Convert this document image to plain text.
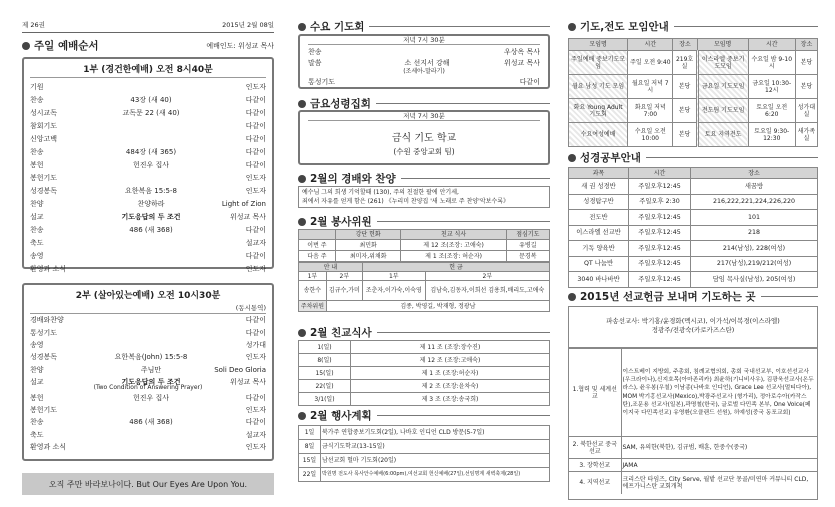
제 26권	2015년 2월 08일
주일 예배순서	예배인도: 위성교 목사
1부 (경건한예배) 오전 8시40분
기원	인도자
찬송	43장 (새 40)	다같이
성시교독	교독문 22 (새 40)	다같이
참회기도	다같이
신앙고백	다같이
찬송	484장 (새 365)	다같이
봉헌	헌진우 집사	다같이
봉헌기도	인도자
성경봉독	요한복음 15:5-8	인도자
찬양	찬양하라	Light of Zion
설교	기도응답의 두 조건	위성교 목사
찬송	486 (새 368)	다같이
축도	설교자
송영	다같이
환영과 소식	인도자
2부 (살아있는예배) 오전 10시30분
(동시통역)
경배와찬양	다같이
통성기도	다같이
송영	성가대
성경봉독	요한복음(John) 15:5-8	인도자
찬양	주님만	Soli Deo Gloria
설교	기도응답의 두 조건	위성교 목사
(Two Condition of Answering Prayer)
봉헌	헌진우 집사	다같이
봉헌기도	인도자
찬송	486 (새 368)	다같이
축도	설교자
환영과 소식	인도자
오직 주만 바라보나이다. But Our Eyes Are Upon You.
수요 기도회
저녁 7시 30분
찬송	우상옥 목사
말씀	소 선지서 강해	위성교 목사
(조세아-말라기)
통성기도	다같이
금요성령집회
저녁 7시 30분
금식 기도 학교
(수원 중앙교회 팀)
2월의 경배와 찬양
예수님 그의 희생 기억할때 (130), 주의 친절한 팔에 안기세,
죄에서 자유를 얻게 함은 (261) 《누리미 찬양집 '새 노래로 주 찬양'악보수록》
2월 봉사위원
	강단 헌화	친교 식사	점심기도
이번 주	최민화	제 12 조(조장: 고애숙)	유병길
다음 주	최미자,위채화	제 1 조(조장: 허순자)	문경복
안 내		헌 금	
1부	2부	1부	2부
송한수	김규수,가미	조춘자,이가숙,이숙영	김남숙,김동자,이희선 김용희,배리도,고애숙
주차위원	김종, 박영길, 박재형, 정광남		
2월 친교식사
1(일)	제 11 조 (조장:장수진)
8(일)	제 12 조 (조장:고애숙)
15(일)	제 1 조 (조장:허순자)
22(일)	제 2 조 (조장:윤차숙)
3/1(일)	제 3 조 (조장:송국희)
2월 행사계획
1일	북가주 연합중보기도회(2일), 나바호 인디언 CLD 방문(5-7일)
8일	금식기도학교(13-15일)
15일	남선교회 헐마 기도회(20일)
22일	박원명 전도사 목사안수예배(6:00pm),여선교회 헌신예배(27일),선임명계 새벽축제(28일)
기도,전도 모임안내
모임명	시간	장소	모임명	시간	장소
주일예배 중보기도모임	주일 오전 9:40	219호실	이스라엘 중보기도모임	수요일 밤 9-10시	본당
월요 남성 기도 모임	월요일 저녁 7시	본당	금요일 기도모임	금요일 10:30-12시	본당
화요 Young Adult 기도회	화요일 저녁7:00	본당	전도팀 기도모임	토요일 오전 6:20	성가대실
수요여성예배	수요일 오전 10:00	본당	토요 지역전도	토요일 9:30-12:30	새가족실
성경공부안내
과목	시간	장소
새 권 성경반	주일오후12:45	새꿈방
성경탐구반	주일오후 2:30	216,222,221,224,226,220
전도반	주일오후12:45	101
이스라엘 선교반	주일오후12:45	218
기독 양육반	주일오후12:45	214(남성), 228(여성)
QT 나눔반	주일오후12:45	217(남성),219/212(여성)
3040 바나바반	주일오후12:45	담임 목사실(남성), 205(여성)
2015년 선교헌금 보내며 기도하는 곳
파송선교사: 박기홍/윤경화(멕시코), 이가석/이복경(이스라엘)
정광주/전광숙(카로카즈스탄)
1.협력 및 세계선교	이스트베이 지방회, 주총회, 침례교협의회, 총회 국내선교부, 이호선선교사(우크라이나),신지호목(아마존리카) 최윤하(기니비사우), 김광욱선교사(온두라스), 윤우봉(우칠) 이남종(나바호 인디언), Grace Lee 선교사(멀티다아), MOM 박기홍선교사(Mexico),박광주선교사 (형가리), 정아로수아(카작스탄),조문용 선교사(일본),곽명철(한국), 글로벌 다민족 본부, One Voice(페이지국 다민족선교) 유영환(오클랜드 선원), 허예성(중국 동포교회)
2. 북한선교 중국선교	SAM, 유의한(북한), 김규범, 배훈, 한중수(중국)
3. 장학선교	JAMA
4. 지역선교	크리스탄 타임즈, City Serve, 월밭 선교단 몽골/미연마 커뮤니티 CLD, 에프가니스탄 교회개척
